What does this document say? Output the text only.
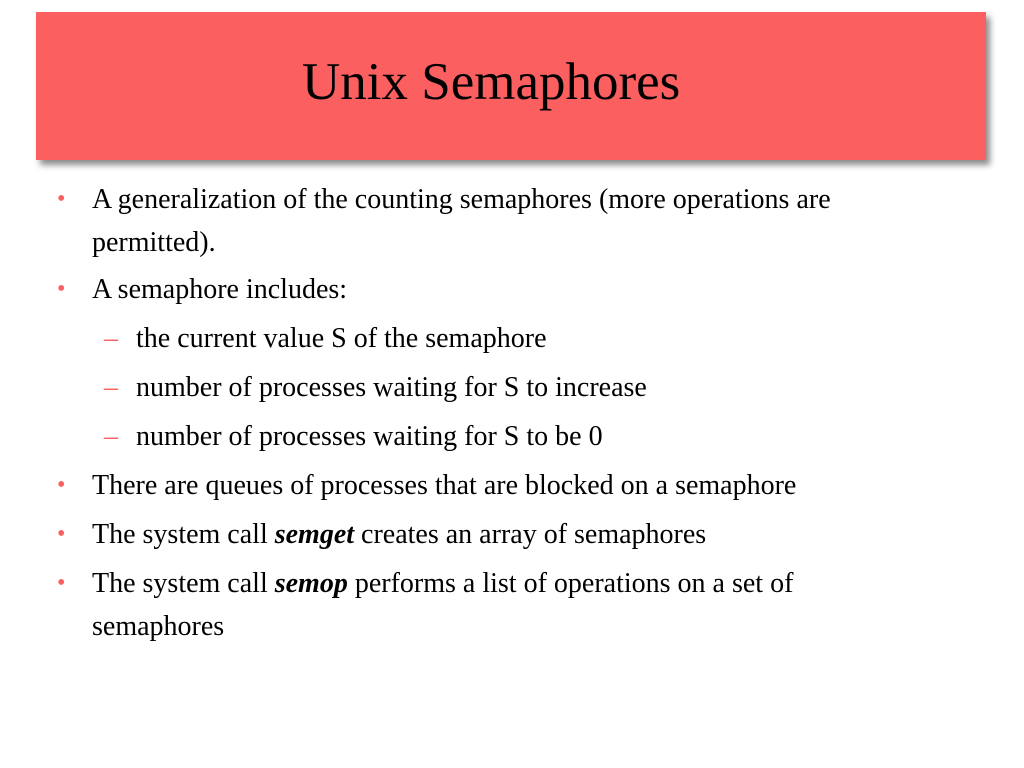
Unix Semaphores
• A generalization of the counting semaphores (more operations are
permitted).
• A semaphore includes:
– the current value S of the semaphore
– number of processes waiting for S to increase
– number of processes waiting for S to be 0
• There are queues of processes that are blocked on a semaphore
• The system call semget creates an array of semaphores
• The system call semop performs a list of operations on a set of
semaphores
